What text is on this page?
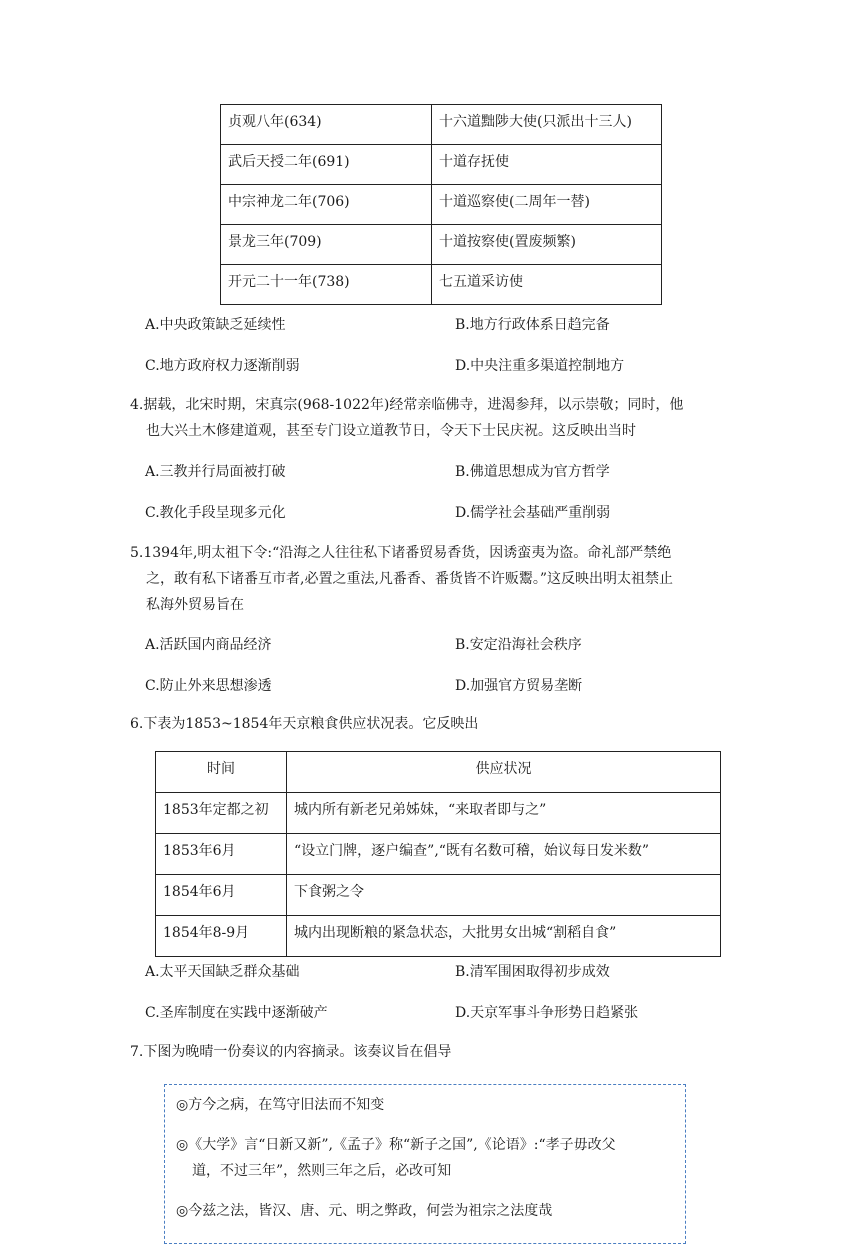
贞观八年(634)	十六道黜陟大使(只派出十三人)
武后天授二年(691)	十道存抚使
中宗神龙二年(706)	十道巡察使(二周年一替)
景龙三年(709)	十道按察使(置废频繁)
开元二十一年(738)	七五道采访使
A.中央政策缺乏延续性	B.地方行政体系日趋完备
C.地方政府权力逐渐削弱	D.中央注重多渠道控制地方
4.据载，北宋时期，宋真宗(968-1022年)经常亲临佛寺，进渴参拜，以示崇敬；同时，他
也大兴土木修建道观，甚至专门设立道教节日，令天下士民庆祝。这反映出当时
A.三教并行局面被打破	B.佛道思想成为官方哲学
C.教化手段呈现多元化	D.儒学社会基础严重削弱
5.1394年,明太祖下令:“沿海之人往往私下诸番贸易香货，因诱蛮夷为盗。命礼部严禁绝
之，敢有私下诸番互市者,必置之重法,凡番香、番货皆不许贩鬻。”这反映出明太祖禁止
私海外贸易旨在
A.活跃国内商品经济	B.安定沿海社会秩序
C.防止外来思想渗透	D.加强官方贸易垄断
6.下表为1853~1854年天京粮食供应状况表。它反映出
时间	供应状况
1853年定都之初	城内所有新老兄弟姊妹，“来取者即与之”
1853年6月	“设立门牌，逐户编查”,“既有名数可稽，始议每日发米数”
1854年6月	下食粥之令
1854年8-9月	城内出现断粮的紧急状态，大批男女出城“割稻自食”
A.太平天国缺乏群众基础	B.清军围困取得初步成效
C.圣库制度在实践中逐渐破产	D.天京军事斗争形势日趋紧张
7.下图为晚晴一份奏议的内容摘录。该奏议旨在倡导
◎方今之病，在笃守旧法而不知变
◎《大学》言“日新又新”,《孟子》称“新子之国”,《论语》:“孝子毋改父
道，不过三年”，然则三年之后，必改可知
◎今兹之法，皆汉、唐、元、明之弊政，何尝为祖宗之法度哉
